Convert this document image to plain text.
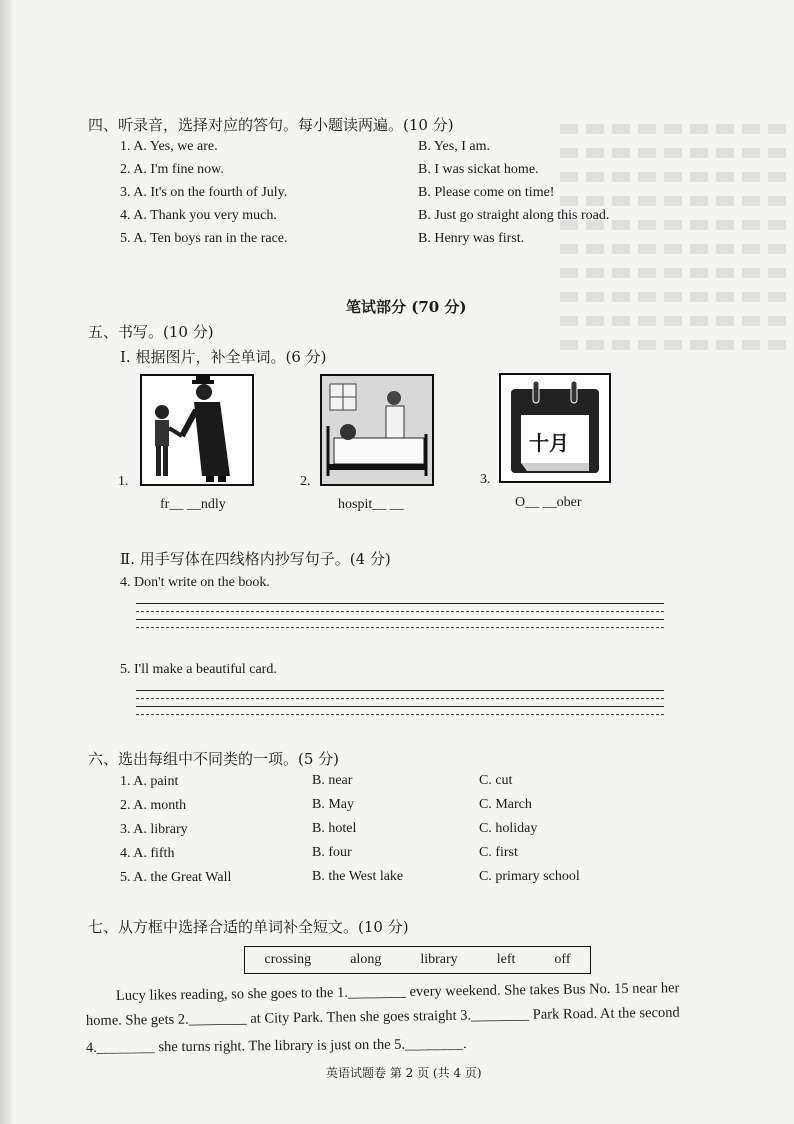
四、听录音，选择对应的答句。每小题读两遍。(10 分)
1. A. Yes, we are.	B. Yes, I am.
2. A. I'm fine now.	B. I was sickat home.
3. A. It's on the fourth of July.	B. Please come on time!
4. A. Thank you very much.	B. Just go straight along this road.
5. A. Ten boys ran in the race.	B. Henry was first.
笔试部分 (70 分)
五、书写。(10 分)
Ⅰ. 根据图片，补全单词。(6 分)
1.
fr__ __ndly
2.
hospit__ __
十月
3.
O__ __ober
Ⅱ. 用手写体在四线格内抄写句子。(4 分)
4. Don't write on the book.
5. I'll make a beautiful card.
六、选出每组中不同类的一项。(5 分)
1. A. paint	B. near	C. cut
2. A. month	B. May	C. March
3. A. library	B. hotel	C. holiday
4. A. fifth	B. four	C. first
5. A. the Great Wall	B. the West lake	C. primary school
七、从方框中选择合适的单词补全短文。(10 分)
crossing	along	library	left	off
Lucy likes reading, so she goes to the 1.________ every weekend. She takes Bus No. 15 near her
home. She gets 2.________ at City Park. Then she goes straight 3.________ Park Road. At the second
4.________ she turns right. The library is just on the 5.________.
英语试题卷 第 2 页 (共 4 页)
